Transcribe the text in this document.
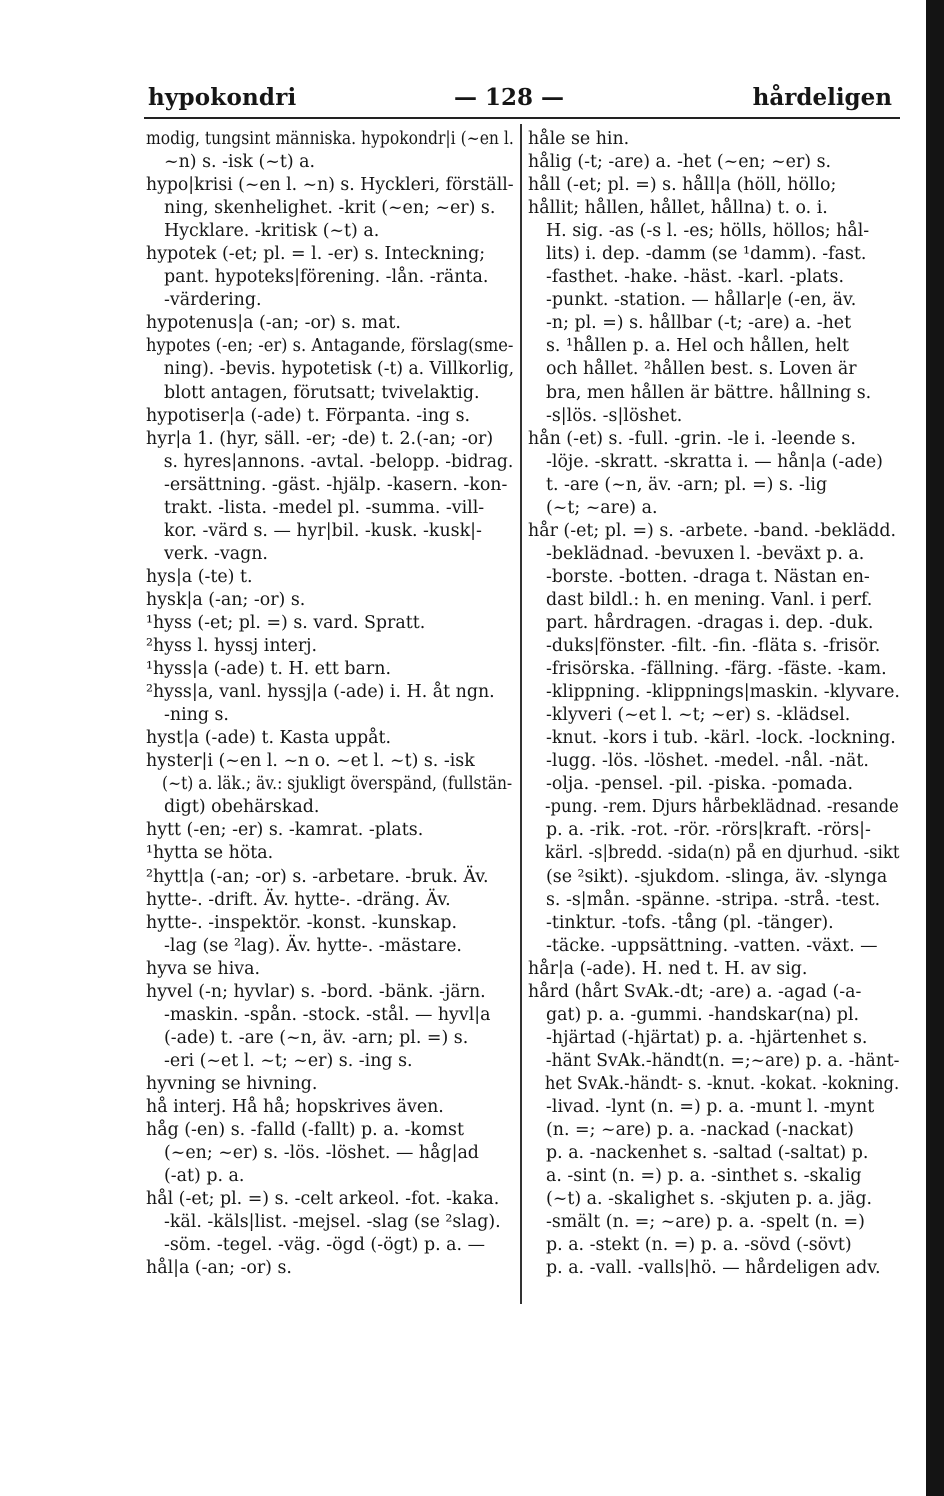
hypokondri	— 128 —	hårdeligen
modig, tungsint människa. hypokondr|i (~en l.
~n) s. -isk (~t) a.
hypo|krisi (~en l. ~n) s. Hyckleri, förställ-
ning, skenhelighet. -krit (~en; ~er) s.
Hycklare. -kritisk (~t) a.
hypotek (-et; pl. = l. -er) s. Inteckning;
pant. hypoteks|förening. -lån. -ränta.
-värdering.
hypotenus|a (-an; -or) s. mat.
hypotes (-en; -er) s. Antagande, förslag(sme-
ning). -bevis. hypotetisk (-t) a. Villkorlig,
blott antagen, förutsatt; tvivelaktig.
hypotiser|a (-ade) t. Förpanta. -ing s.
hyr|a 1. (hyr, säll. -er; -de) t. 2.(-an; -or)
s. hyres|annons. -avtal. -belopp. -bidrag.
-ersättning. -gäst. -hjälp. -kasern. -kon-
trakt. -lista. -medel pl. -summa. -vill-
kor. -värd s. — hyr|bil. -kusk. -kusk|-
verk. -vagn.
hys|a (-te) t.
hysk|a (-an; -or) s.
¹hyss (-et; pl. =) s. vard. Spratt.
²hyss l. hyssj interj.
¹hyss|a (-ade) t. H. ett barn.
²hyss|a, vanl. hyssj|a (-ade) i. H. åt ngn.
-ning s.
hyst|a (-ade) t. Kasta uppåt.
hyster|i (~en l. ~n o. ~et l. ~t) s. -isk
(~t) a. läk.; äv.: sjukligt överspänd, (fullstän-
digt) obehärskad.
hytt (-en; -er) s. -kamrat. -plats.
¹hytta se höta.
²hytt|a (-an; -or) s. -arbetare. -bruk. Äv.
hytte-. -drift. Äv. hytte-. -dräng. Äv.
hytte-. -inspektör. -konst. -kunskap.
-lag (se ²lag). Äv. hytte-. -mästare.
hyva se hiva.
hyvel (-n; hyvlar) s. -bord. -bänk. -järn.
-maskin. -spån. -stock. -stål. — hyvl|a
(-ade) t. -are (~n, äv. -arn; pl. =) s.
-eri (~et l. ~t; ~er) s. -ing s.
hyvning se hivning.
hå interj. Hå hå; hopskrives även.
håg (-en) s. -falld (-fallt) p. a. -komst
(~en; ~er) s. -lös. -löshet. — håg|ad
(-at) p. a.
hål (-et; pl. =) s. -celt arkeol. -fot. -kaka.
-käl. -käls|list. -mejsel. -slag (se ²slag).
-söm. -tegel. -väg. -ögd (-ögt) p. a. —
hål|a (-an; -or) s.
håle se hin.
hålig (-t; -are) a. -het (~en; ~er) s.
håll (-et; pl. =) s. håll|a (höll, höllo;
hållit; hållen, hållet, hållna) t. o. i.
H. sig. -as (-s l. -es; hölls, höllos; hål-
lits) i. dep. -damm (se ¹damm). -fast.
-fasthet. -hake. -häst. -karl. -plats.
-punkt. -station. — hållar|e (-en, äv.
-n; pl. =) s. hållbar (-t; -are) a. -het
s. ¹hållen p. a. Hel och hållen, helt
och hållet. ²hållen best. s. Loven är
bra, men hållen är bättre. hållning s.
-s|lös. -s|löshet.
hån (-et) s. -full. -grin. -le i. -leende s.
-löje. -skratt. -skratta i. — hån|a (-ade)
t. -are (~n, äv. -arn; pl. =) s. -lig
(~t; ~are) a.
hår (-et; pl. =) s. -arbete. -band. -beklädd.
-beklädnad. -bevuxen l. -beväxt p. a.
-borste. -botten. -draga t. Nästan en-
dast bildl.: h. en mening. Vanl. i perf.
part. hårdragen. -dragas i. dep. -duk.
-duks|fönster. -filt. -fin. -fläta s. -frisör.
-frisörska. -fällning. -färg. -fäste. -kam.
-klippning. -klippnings|maskin. -klyvare.
-klyveri (~et l. ~t; ~er) s. -klädsel.
-knut. -kors i tub. -kärl. -lock. -lockning.
-lugg. -lös. -löshet. -medel. -nål. -nät.
-olja. -pensel. -pil. -piska. -pomada.
-pung. -rem. Djurs hårbeklädnad. -resande
p. a. -rik. -rot. -rör. -rörs|kraft. -rörs|-
kärl. -s|bredd. -sida(n) på en djurhud. -sikt
(se ²sikt). -sjukdom. -slinga, äv. -slynga
s. -s|mån. -spänne. -stripa. -strå. -test.
-tinktur. -tofs. -tång (pl. -tänger).
-täcke. -uppsättning. -vatten. -växt. —
hår|a (-ade). H. ned t. H. av sig.
hård (hårt SvAk.-dt; -are) a. -agad (-a-
gat) p. a. -gummi. -handskar(na) pl.
-hjärtad (-hjärtat) p. a. -hjärtenhet s.
-hänt SvAk.-händt(n. =;~are) p. a. -hänt-
het SvAk.-händt- s. -knut. -kokat. -kokning.
-livad. -lynt (n. =) p. a. -munt l. -mynt
(n. =; ~are) p. a. -nackad (-nackat)
p. a. -nackenhet s. -saltad (-saltat) p.
a. -sint (n. =) p. a. -sinthet s. -skalig
(~t) a. -skalighet s. -skjuten p. a. jäg.
-smält (n. =; ~are) p. a. -spelt (n. =)
p. a. -stekt (n. =) p. a. -sövd (-sövt)
p. a. -vall. -valls|hö. — hårdeligen adv.
